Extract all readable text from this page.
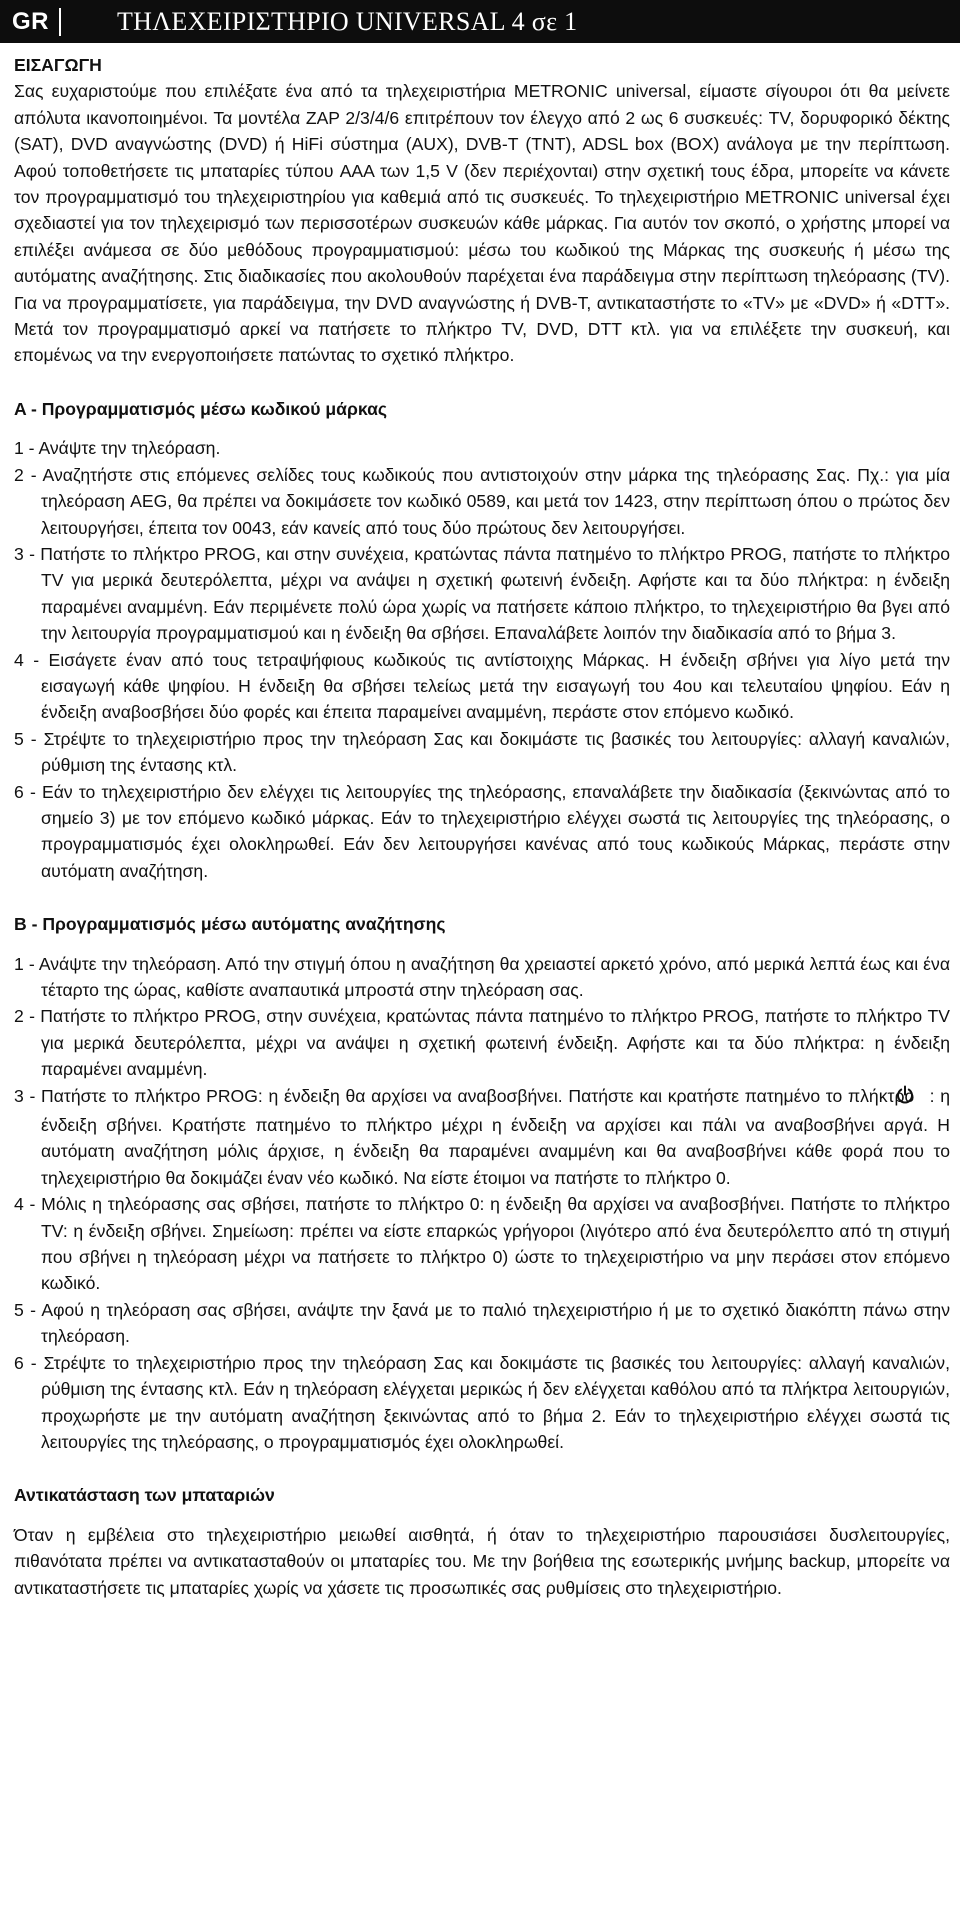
GR	ΤΗΛΕΧΕΙΡΙΣΤΗΡΙΟ UNIVERSAL 4 σε 1

ΕΙΣΑΓΩΓΗ

Σας ευχαριστούμε που επιλέξατε ένα από τα τηλεχειριστήρια METRONIC universal, είμαστε σίγουροι ότι θα μείνετε απόλυτα ικανοποιημένοι. Τα μοντέλα ZAP 2/3/4/6 επιτρέπουν τον έλεγχο από 2 ως 6 συσκευές: TV, δορυφορικό δέκτης (SAT), DVD αναγνώστης (DVD) ή HiFi σύστημα (AUX), DVB-T (TNT), ADSL box (BOX) ανάλογα με την περίπτωση. Αφού τοποθετήσετε τις μπαταρίες τύπου AAA των 1,5 V (δεν περιέχονται) στην σχετική τους έδρα, μπορείτε να κάνετε τον προγραμματισμό του τηλεχειριστηρίου για καθεμιά από τις συσκευές. Το τηλεχειριστήριο METRONIC universal έχει σχεδιαστεί για τον τηλεχειρισμό των περισσοτέρων συσκευών κάθε μάρκας. Για αυτόν τον σκοπό, ο χρήστης μπορεί να επιλέξει ανάμεσα σε δύο μεθόδους προγραμματισμού: μέσω του κωδικού της Μάρκας της συσκευής ή μέσω της αυτόματης αναζήτησης. Στις διαδικασίες που ακολουθούν παρέχεται ένα παράδειγμα στην περίπτωση τηλεόρασης (TV). Για να προγραμματίσετε, για παράδειγμα, την DVD αναγνώστης ή DVB-T, αντικαταστήστε το «TV» με «DVD» ή «DTT». Μετά τον προγραμματισμό αρκεί να πατήσετε το πλήκτρο TV, DVD, DTT κτλ. για να επιλέξετε την συσκευή, και επομένως να την ενεργοποιήσετε πατώντας το σχετικό πλήκτρο.

A - Προγραμματισμός μέσω κωδικού μάρκας

1 - Ανάψτε την τηλεόραση.

2 - Αναζητήστε στις επόμενες σελίδες τους κωδικούς που αντιστοιχούν στην μάρκα της τηλεόρασης Σας. Πχ.: για μία τηλεόραση AEG, θα πρέπει να δοκιμάσετε τον κωδικό 0589, και μετά τον 1423, στην περίπτωση όπου ο πρώτος δεν λειτουργήσει, έπειτα τον 0043, εάν κανείς από τους δύο πρώτους δεν λειτουργήσει.

3 - Πατήστε το πλήκτρο PROG, και στην συνέχεια, κρατώντας πάντα πατημένο το πλήκτρο PROG, πατήστε το πλήκτρο TV για μερικά δευτερόλεπτα, μέχρι να ανάψει η σχετική φωτεινή ένδειξη. Αφήστε και τα δύο πλήκτρα: η ένδειξη παραμένει αναμμένη. Εάν περιμένετε πολύ ώρα χωρίς να πατήσετε κάποιο πλήκτρο, το τηλεχειριστήριο θα βγει από την λειτουργία προγραμματισμού και η ένδειξη θα σβήσει. Επαναλάβετε λοιπόν την διαδικασία από το βήμα 3.

4 - Εισάγετε έναν από τους τετραψήφιους κωδικούς τις αντίστοιχης Μάρκας. Η ένδειξη σβήνει για λίγο μετά την εισαγωγή κάθε ψηφίου. Η ένδειξη θα σβήσει τελείως μετά την εισαγωγή του 4ου και τελευταίου ψηφίου. Εάν η ένδειξη αναβοσβήσει δύο φορές και έπειτα παραμείνει αναμμένη, περάστε στον επόμενο κωδικό.

5 - Στρέψτε το τηλεχειριστήριο προς την τηλεόραση Σας και δοκιμάστε τις βασικές του λειτουργίες: αλλαγή καναλιών, ρύθμιση της έντασης κτλ.

6 - Εάν το τηλεχειριστήριο δεν ελέγχει τις λειτουργίες της τηλεόρασης, επαναλάβετε την διαδικασία (ξεκινώντας από το σημείο 3) με τον επόμενο κωδικό μάρκας. Εάν το τηλεχειριστήριο ελέγχει σωστά τις λειτουργίες της τηλεόρασης, ο προγραμματισμός έχει ολοκληρωθεί. Εάν δεν λειτουργήσει κανένας από τους κωδικούς Μάρκας, περάστε στην αυτόματη αναζήτηση.

B - Προγραμματισμός μέσω αυτόματης αναζήτησης

1 - Ανάψτε την τηλεόραση. Από την στιγμή όπου η αναζήτηση θα χρειαστεί αρκετό χρόνο, από μερικά λεπτά έως και ένα τέταρτο της ώρας, καθίστε αναπαυτικά μπροστά στην τηλεόραση σας.

2 - Πατήστε το πλήκτρο PROG, στην συνέχεια, κρατώντας πάντα πατημένο το πλήκτρο PROG, πατήστε το πλήκτρο TV για μερικά δευτερόλεπτα, μέχρι να ανάψει η σχετική φωτεινή ένδειξη. Αφήστε και τα δύο πλήκτρα: η ένδειξη παραμένει αναμμένη.

3 - Πατήστε το πλήκτρο PROG: η ένδειξη θα αρχίσει να αναβοσβήνει. Πατήστε και κρατήστε πατημένο το πλήκτρο : η ένδειξη σβήνει. Κρατήστε πατημένο το πλήκτρο μέχρι η ένδειξη να αρχίσει και πάλι να αναβοσβήνει αργά. Η αυτόματη αναζήτηση μόλις άρχισε, η ένδειξη θα παραμένει αναμμένη και θα αναβοσβήνει κάθε φορά που το τηλεχειριστήριο θα δοκιμάζει έναν νέο κωδικό. Να είστε έτοιμοι να πατήστε το πλήκτρο 0.

4 - Μόλις η τηλεόρασης σας σβήσει, πατήστε το πλήκτρο 0: η ένδειξη θα αρχίσει να αναβοσβήνει. Πατήστε το πλήκτρο TV: η ένδειξη σβήνει. Σημείωση: πρέπει να είστε επαρκώς γρήγοροι (λιγότερο από ένα δευτερόλεπτο από τη στιγμή που σβήνει η τηλεόραση μέχρι να πατήσετε το πλήκτρο 0) ώστε το τηλεχειριστήριο να μην περάσει στον επόμενο κωδικό.

5 - Αφού η τηλεόραση σας σβήσει, ανάψτε την ξανά με το παλιό τηλεχειριστήριο ή με το σχετικό διακόπτη πάνω στην τηλεόραση.

6 - Στρέψτε το τηλεχειριστήριο προς την τηλεόραση Σας και δοκιμάστε τις βασικές του λειτουργίες: αλλαγή καναλιών, ρύθμιση της έντασης κτλ. Εάν η τηλεόραση ελέγχεται μερικώς ή δεν ελέγχεται καθόλου από τα πλήκτρα λειτουργιών, προχωρήστε με την αυτόματη αναζήτηση ξεκινώντας από το βήμα 2. Εάν το τηλεχειριστήριο ελέγχει σωστά τις λειτουργίες της τηλεόρασης, ο προγραμματισμός έχει ολοκληρωθεί.

Αντικατάσταση των μπαταριών

Όταν η εμβέλεια στο τηλεχειριστήριο μειωθεί αισθητά, ή όταν το τηλεχειριστήριο παρουσιάσει δυσλειτουργίες, πιθανότατα πρέπει να αντικατασταθούν οι μπαταρίες του. Με την βοήθεια της εσωτερικής μνήμης backup, μπορείτε να αντικαταστήσετε τις μπαταρίες χωρίς να χάσετε τις προσωπικές σας ρυθμίσεις στο τηλεχειριστήριο.
